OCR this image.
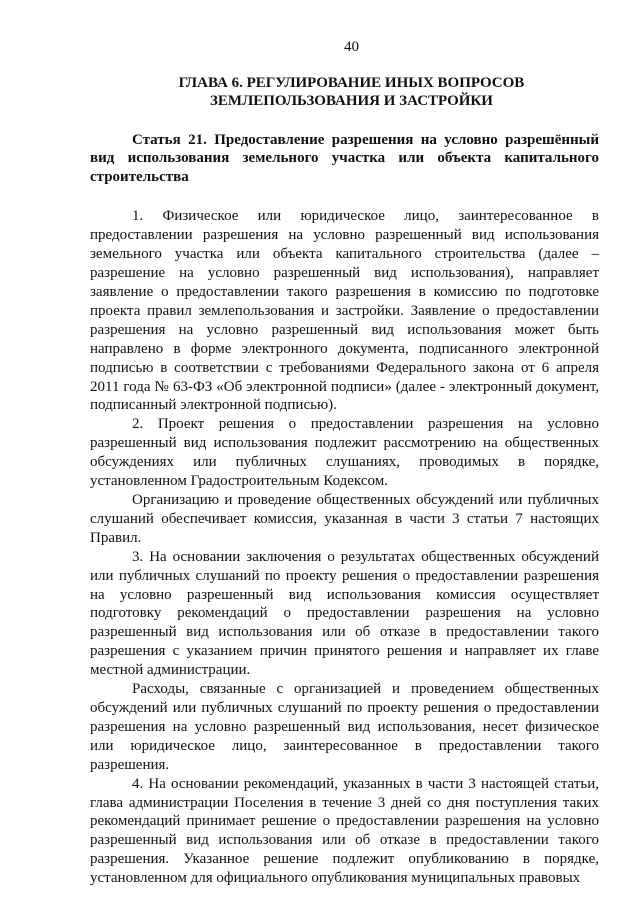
40
ГЛАВА 6. РЕГУЛИРОВАНИЕ ИНЫХ ВОПРОСОВ ЗЕМЛЕПОЛЬЗОВАНИЯ И ЗАСТРОЙКИ
Статья 21. Предоставление разрешения на условно разрешённый вид использования земельного участка или объекта капитального строительства

1. Физическое или юридическое лицо, заинтересованное в предоставлении разрешения на условно разрешенный вид использования земельного участка или объекта капитального строительства (далее – разрешение на условно разрешенный вид использования), направляет заявление о предоставлении такого разрешения в комиссию по подготовке проекта правил землепользования и застройки. Заявление о предоставлении разрешения на условно разрешенный вид использования может быть направлено в форме электронного документа, подписанного электронной подписью в соответствии с требованиями Федерального закона от 6 апреля 2011 года № 63-ФЗ «Об электронной подписи» (далее - электронный документ, подписанный электронной подписью).

2. Проект решения о предоставлении разрешения на условно разрешенный вид использования подлежит рассмотрению на общественных обсуждениях или публичных слушаниях, проводимых в порядке, установленном Градостроительным Кодексом.

Организацию и проведение общественных обсуждений или публичных слушаний обеспечивает комиссия, указанная в части 3 статьи 7 настоящих Правил.

3. На основании заключения о результатах общественных обсуждений или публичных слушаний по проекту решения о предоставлении разрешения на условно разрешенный вид использования комиссия осуществляет подготовку рекомендаций о предоставлении разрешения на условно разрешенный вид использования или об отказе в предоставлении такого разрешения с указанием причин принятого решения и направляет их главе местной администрации.

Расходы, связанные с организацией и проведением общественных обсуждений или публичных слушаний по проекту решения о предоставлении разрешения на условно разрешенный вид использования, несет физическое или юридическое лицо, заинтересованное в предоставлении такого разрешения.

4. На основании рекомендаций, указанных в части 3 настоящей статьи, глава администрации Поселения в течение 3 дней со дня поступления таких рекомендаций принимает решение о предоставлении разрешения на условно разрешенный вид использования или об отказе в предоставлении такого разрешения. Указанное решение подлежит опубликованию в порядке, установленном для официального опубликования муниципальных правовых
